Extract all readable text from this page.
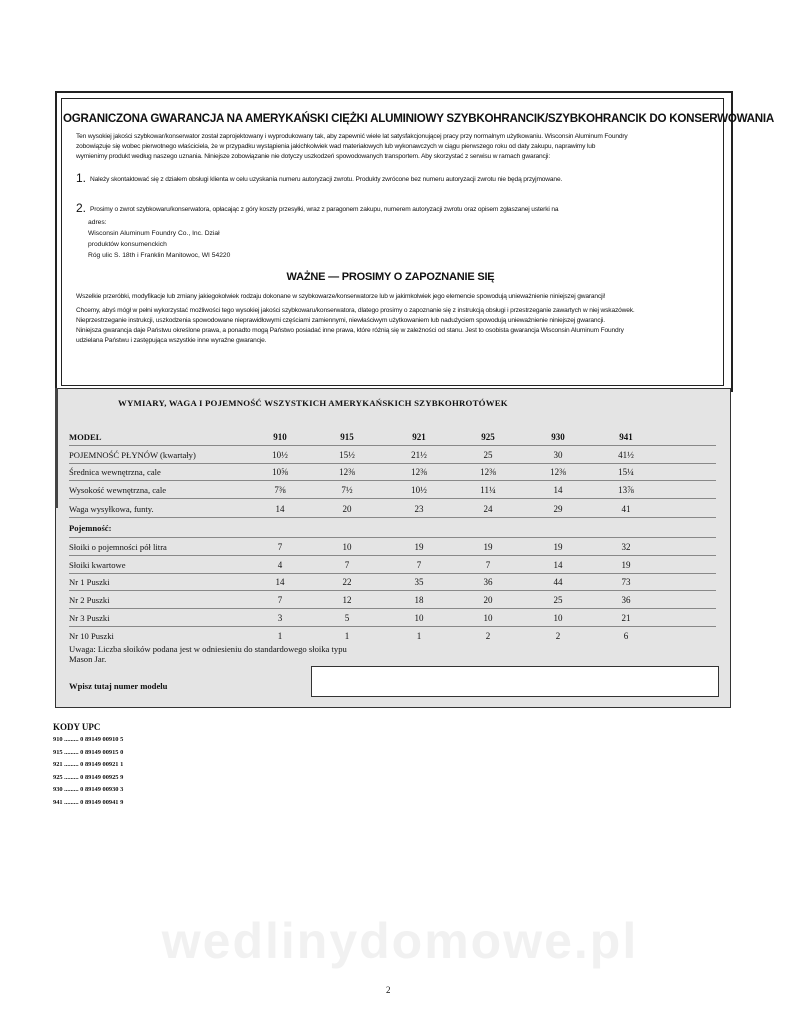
OGRANICZONA GWARANCJA NA AMERYKAŃSKI CIĘŻKI ALUMINIOWY SZYBKOHRANCIK/SZYBKOHRANCIK DO KONSERWOWANIA
Ten wysokiej jakości szybkowar/konserwator został zaprojektowany i wyprodukowany tak, aby zapewnić wiele lat satysfakcjonującej pracy przy normalnym użytkowaniu. Wisconsin Aluminum Foundry
zobowiązuje się wobec pierwotnego właściciela, że w przypadku wystąpienia jakichkolwiek wad materiałowych lub wykonawczych w ciągu pierwszego roku od daty zakupu, naprawimy lub
wymienimy produkt według naszego uznania. Niniejsze zobowiązanie nie dotyczy uszkodzeń spowodowanych transportem. Aby skorzystać z serwisu w ramach gwarancji:
1. Należy skontaktować się z działem obsługi klienta w celu uzyskania numeru autoryzacji zwrotu. Produkty zwrócone bez numeru autoryzacji zwrotu nie będą przyjmowane.
2. Prosimy o zwrot szybkowaru/konserwatora, opłacając z góry koszty przesyłki, wraz z paragonem zakupu, numerem autoryzacji zwrotu oraz opisem zgłaszanej usterki na
adres:
Wisconsin Aluminum Foundry Co., Inc. Dział
produktów konsumenckich
Róg ulic S. 18th i Franklin Manitowoc, WI 54220
WAŻNE — PROSIMY O ZAPOZNANIE SIĘ
Wszelkie przeróbki, modyfikacje lub zmiany jakiegokolwiek rodzaju dokonane w szybkowarze/konserwatorze lub w jakimkolwiek jego elemencie spowodują unieważnienie niniejszej gwarancji!
Chcemy, abyś mógł w pełni wykorzystać możliwości tego wysokiej jakości szybkowaru/konserwatora, dlatego prosimy o zapoznanie się z instrukcją obsługi i przestrzeganie zawartych w niej wskazówek.
Nieprzestrzeganie instrukcji, uszkodzenia spowodowane nieprawidłowymi częściami zamiennymi, niewłaściwym użytkowaniem lub nadużyciem spowodują unieważnienie niniejszej gwarancji.
Niniejsza gwarancja daje Państwu określone prawa, a ponadto mogą Państwo posiadać inne prawa, które różnią się w zależności od stanu. Jest to osobista gwarancja Wisconsin Aluminum Foundry
udzielana Państwu i zastępująca wszystkie inne wyraźne gwarancje.
WYMIARY, WAGA I POJEMNOŚĆ WSZYSTKICH AMERYKAŃSKICH SZYBKOHROTÓWEK
MODEL	910	915	921	925	930	941
POJEMNOŚĆ PŁYNÓW (kwartały)	10½	15½	21½	25	30	41½
Średnica wewnętrzna, cale	10⅝	12⅜	12⅜	12⅜	12⅜	15¼
Wysokość wewnętrzna, cale	7⅜	7½	10½	11¼	14	13⅞
Waga wysyłkowa, funty.	14	20	23	24	29	41
Pojemność:
Słoiki o pojemności pół litra	7	10	19	19	19	32
Słoiki kwartowe	4	7	7	7	14	19
Nr 1 Puszki	14	22	35	36	44	73
Nr 2 Puszki	7	12	18	20	25	36
Nr 3 Puszki	3	5	10	10	10	21
Nr 10 Puszki	1	1	1	2	2	6
Uwaga: Liczba słoików podana jest w odniesieniu do standardowego słoika typu
Mason Jar.
Wpisz tutaj numer modelu
KODY UPC
910 ......... 0 89149 00910 5
915 ......... 0 89149 00915 0
921 ......... 0 89149 00921 1
925 ......... 0 89149 00925 9
930 ......... 0 89149 00930 3
941 ......... 0 89149 00941 9
wedlinydomowe.pl
2
